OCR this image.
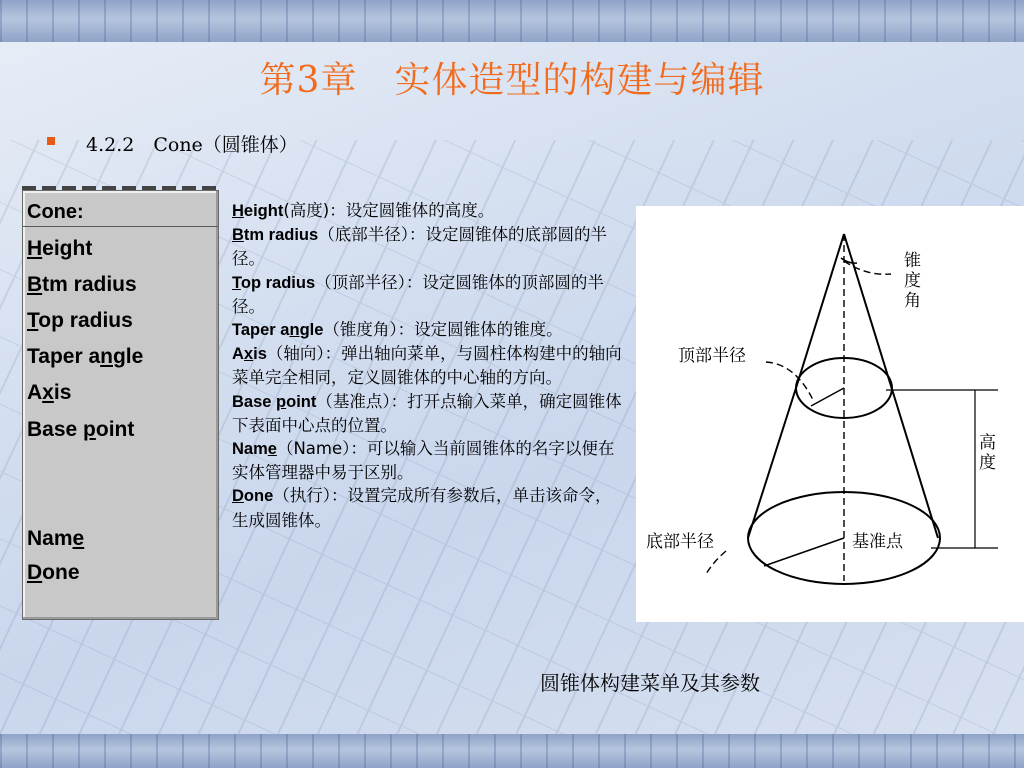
第3章　实体造型的构建与编辑
4.2.2　Cone（圆锥体）
Cone:
Height
Btm radius
Top radius
Taper angle
Axis
Base point
Name
Done
Height(高度)：设定圆锥体的高度。
Btm radius（底部半径）：设定圆锥体的底部圆的半径。
Top radius（顶部半径）：设定圆锥体的顶部圆的半径。
Taper angle（锥度角）：设定圆锥体的锥度。
Axis（轴向）：弹出轴向菜单，与圆柱体构建中的轴向菜单完全相同，定义圆锥体的中心轴的方向。
Base point（基准点）：打开点输入菜单，确定圆锥体下表面中心点的位置。
Name（Name）：可以输入当前圆锥体的名字以便在实体管理器中易于区别。
Done（执行）：设置完成所有参数后，单击该命令，生成圆锥体。
锥度角
顶部半径
底部半径	基准点
高度
圆锥体构建菜单及其参数
